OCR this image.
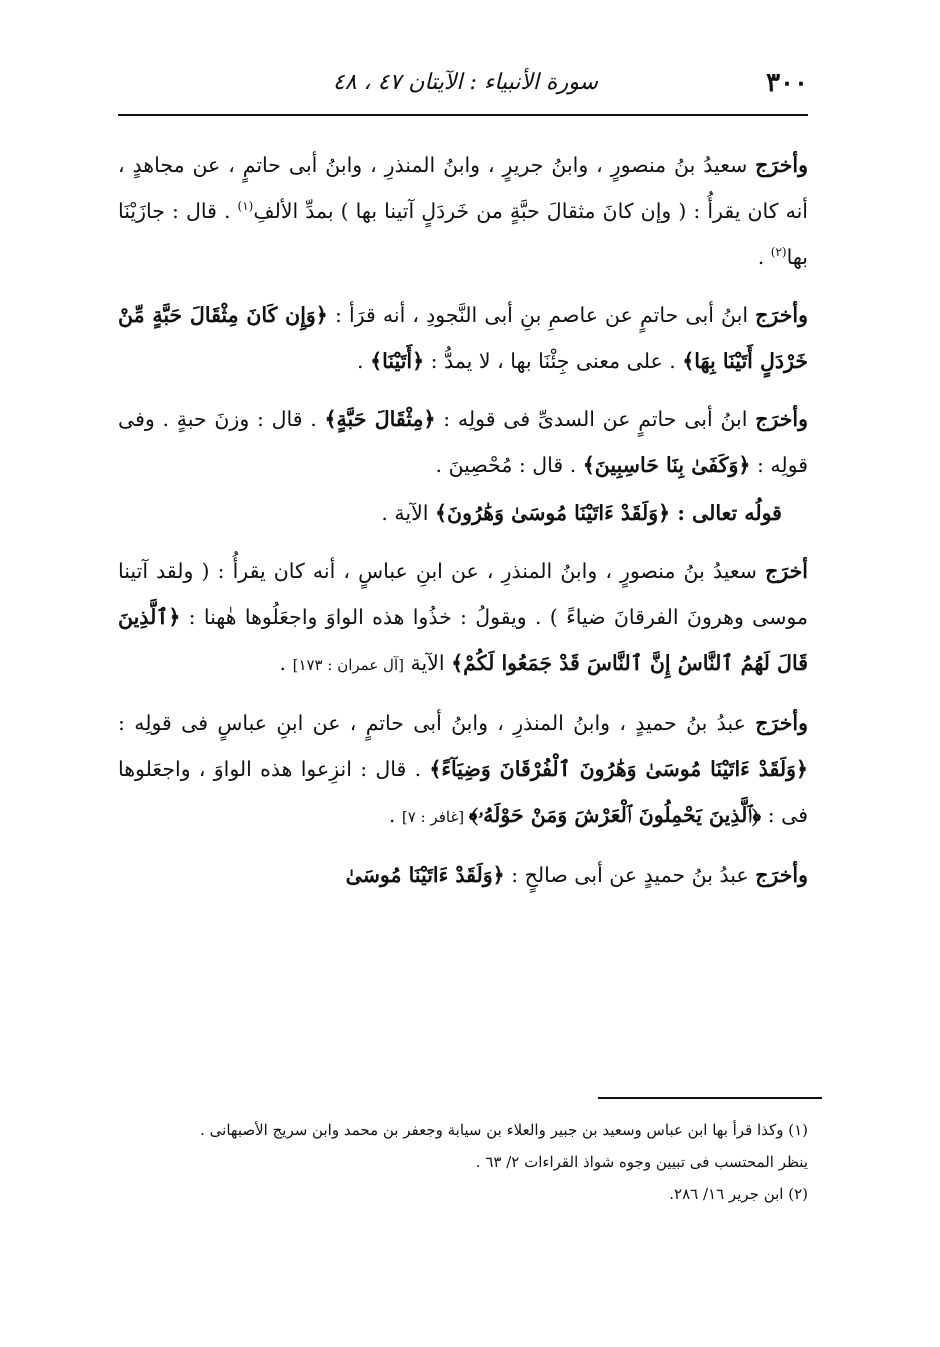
٣٠٠
سورة الأنبياء : الآيتان ٤٧ ، ٤٨

وأخرَج سعيدُ بنُ منصورٍ ، وابنُ جريرٍ ، وابنُ المنذرِ ، وابنُ أبى حاتمٍ ، عن مجاهدٍ ، أنه كان يقرأُ : ( وإن كانَ مثقالَ حبَّةٍ من خَردَلٍ آتينا بها ) بمدِّ الألفِ$^{(١)}$ . قال : جازَيْنَا بها$^{(٢)}$ .

وأخرَج ابنُ أبى حاتمٍ عن عاصمِ بنِ أبى النَّجودِ ، أنه قرَأ : ﴿وَإِن كَانَ مِثْقَالَ حَبَّةٍ مِّنْ خَرْدَلٍ أَتَيْنَا بِهَا﴾ . على معنى جِئْنَا بها ، لا يمدُّ : ﴿أَتَيْنَا﴾ .

وأخرَج ابنُ أبى حاتمٍ عن السدىِّ فى قولِه : ﴿مِثْقَالَ حَبَّةٍ﴾ . قال : وزنَ حبةٍ . وفى قولِه : ﴿وَكَفَىٰ بِنَا حَاسِبِينَ﴾ . قال : مُحْصِينَ .

قولُه تعالى : ﴿وَلَقَدْ ءَاتَيْنَا مُوسَىٰ وَهَٰرُونَ﴾ الآية .

أخرَج سعيدُ بنُ منصورٍ ، وابنُ المنذرِ ، عن ابنِ عباسٍ ، أنه كان يقرأُ : ( ولقد آتينا موسى وهرونَ الفرقانَ ضياءً ) . ويقولُ : خذُوا هذه الواوَ واجعَلُوها هٰهنا : ﴿ٱلَّذِينَ قَالَ لَهُمُ ٱلنَّاسُ إِنَّ ٱلنَّاسَ قَدْ جَمَعُوا لَكُمْ﴾ الآية [آل عمران : ١٧٣] .

وأخرَج عبدُ بنُ حميدٍ ، وابنُ المنذرِ ، وابنُ أبى حاتمٍ ، عن ابنِ عباسٍ فى قولِه : ﴿وَلَقَدْ ءَاتَيْنَا مُوسَىٰ وَهَٰرُونَ ٱلْفُرْقَانَ وَضِيَآءً﴾ . قال : انزِعوا هذه الواوَ ، واجعَلوها فى : ﴿ٱلَّذِينَ يَحْمِلُونَ ٱلْعَرْشَ وَمَنْ حَوْلَهُۥ﴾ [غافر : ٧] .

وأخرَج عبدُ بنُ حميدٍ عن أبى صالحٍ : ﴿وَلَقَدْ ءَاتَيْنَا مُوسَىٰ

(١) وكذا قرأ بها ابن عباس وسعيد بن جبير والعلاء بن سيابة وجعفر بن محمد وابن سريج الأصبهانى .

ينظر المحتسب فى تبيين وجوه شواذ القراءات ٢/ ٦٣ .

(٢) ابن جرير ١٦/ ٢٨٦.
